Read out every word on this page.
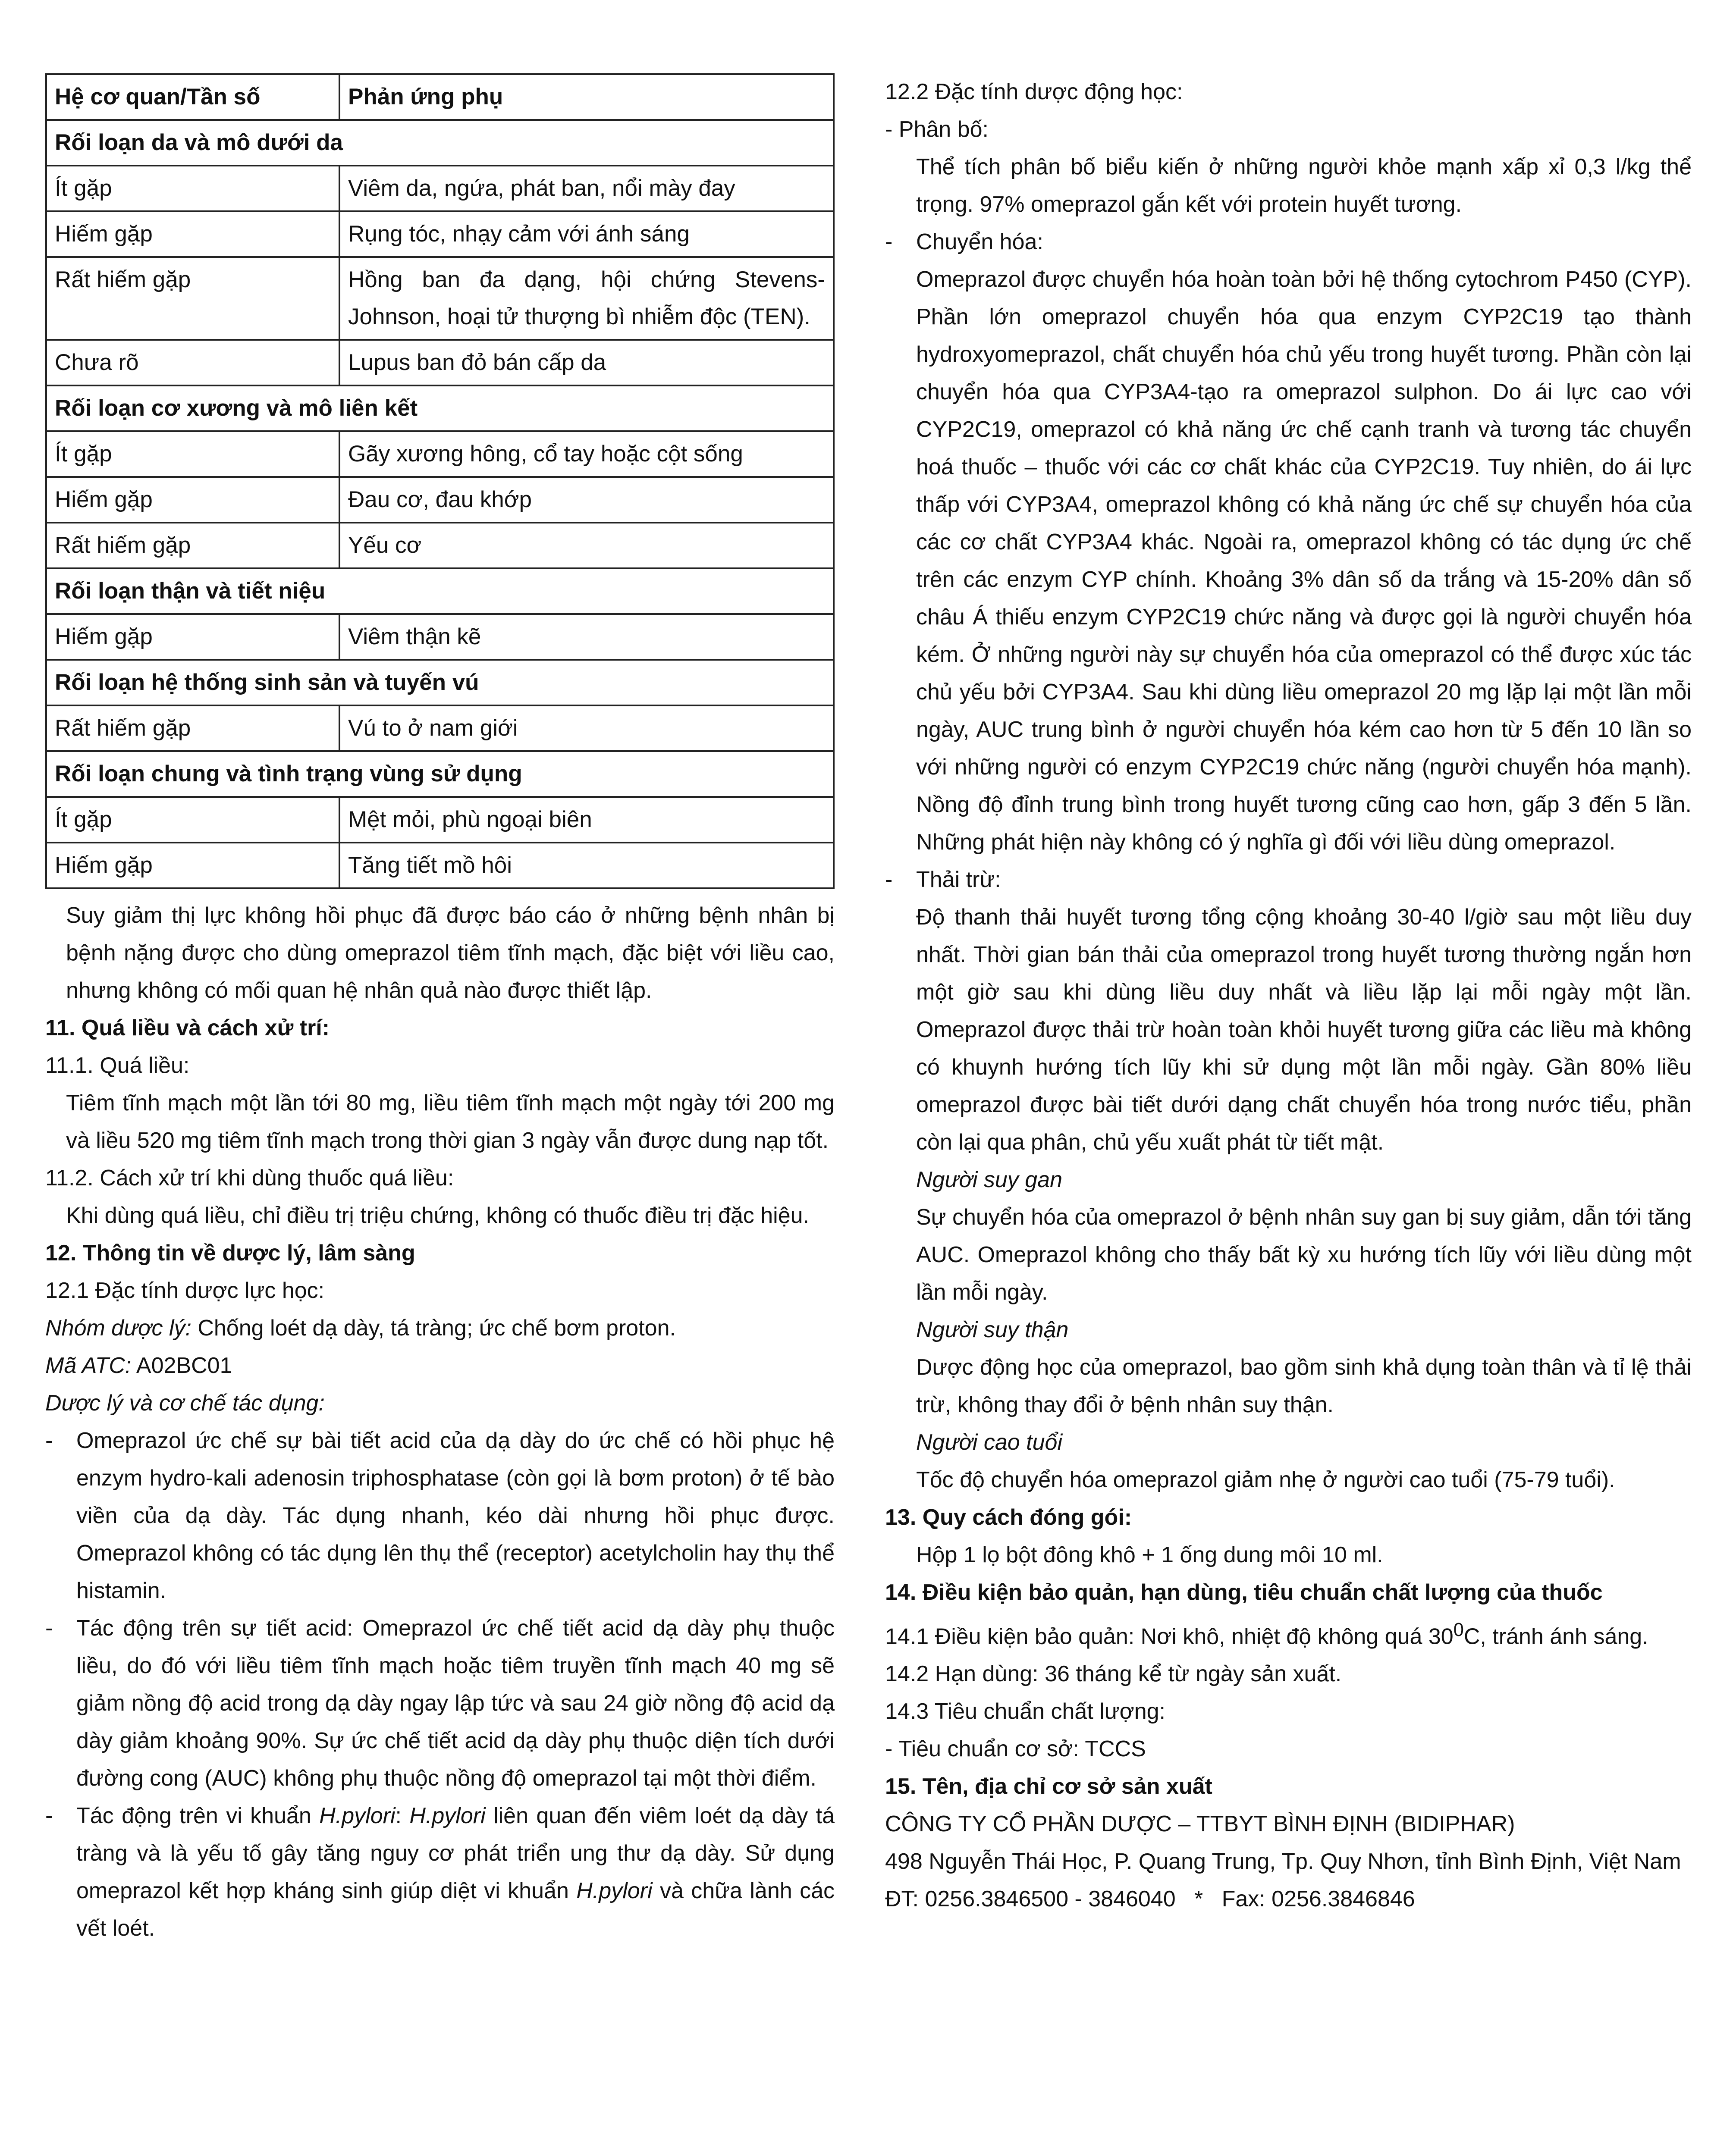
Hệ cơ quan/Tần số	Phản ứng phụ
Rối loạn da và mô dưới da	
Ít gặp	Viêm da, ngứa, phát ban, nổi mày đay
Hiếm gặp	Rụng tóc, nhạy cảm với ánh sáng
Rất hiếm gặp	Hồng ban đa dạng, hội chứng Stevens-Johnson, hoại tử thượng bì nhiễm độc (TEN).
Chưa rõ	Lupus ban đỏ bán cấp da
Rối loạn cơ xương và mô liên kết	
Ít gặp	Gãy xương hông, cổ tay hoặc cột sống
Hiếm gặp	Đau cơ, đau khớp
Rất hiếm gặp	Yếu cơ
Rối loạn thận và tiết niệu	
Hiếm gặp	Viêm thận kẽ
Rối loạn hệ thống sinh sản và tuyến vú	
Rất hiếm gặp	Vú to ở nam giới
Rối loạn chung và tình trạng vùng sử dụng	
Ít gặp	Mệt mỏi, phù ngoại biên
Hiếm gặp	Tăng tiết mồ hôi

Suy giảm thị lực không hồi phục đã được báo cáo ở những bệnh nhân bị bệnh nặng được cho dùng omeprazol tiêm tĩnh mạch, đặc biệt với liều cao, nhưng không có mối quan hệ nhân quả nào được thiết lập.

11. Quá liều và cách xử trí:

11.1. Quá liều:

Tiêm tĩnh mạch một lần tới 80 mg, liều tiêm tĩnh mạch một ngày tới 200 mg và liều 520 mg tiêm tĩnh mạch trong thời gian 3 ngày vẫn được dung nạp tốt.

11.2. Cách xử trí khi dùng thuốc quá liều:

Khi dùng quá liều, chỉ điều trị triệu chứng, không có thuốc điều trị đặc hiệu.

12. Thông tin về dược lý, lâm sàng

12.1 Đặc tính dược lực học:

Nhóm dược lý: Chống loét dạ dày, tá tràng; ức chế bơm proton.

Mã ATC: A02BC01

Dược lý và cơ chế tác dụng:

- Omeprazol ức chế sự bài tiết acid của dạ dày do ức chế có hồi phục hệ enzym hydro-kali adenosin triphosphatase (còn gọi là bơm proton) ở tế bào viền của dạ dày. Tác dụng nhanh, kéo dài nhưng hồi phục được. Omeprazol không có tác dụng lên thụ thể (receptor) acetylcholin hay thụ thể histamin.

- Tác động trên sự tiết acid: Omeprazol ức chế tiết acid dạ dày phụ thuộc liều, do đó với liều tiêm tĩnh mạch hoặc tiêm truyền tĩnh mạch 40 mg sẽ giảm nồng độ acid trong dạ dày ngay lập tức và sau 24 giờ nồng độ acid dạ dày giảm khoảng 90%. Sự ức chế tiết acid dạ dày phụ thuộc diện tích dưới đường cong (AUC) không phụ thuộc nồng độ omeprazol tại một thời điểm.

- Tác động trên vi khuẩn H.pylori: H.pylori liên quan đến viêm loét dạ dày tá tràng và là yếu tố gây tăng nguy cơ phát triển ung thư dạ dày. Sử dụng omeprazol kết hợp kháng sinh giúp diệt vi khuẩn H.pylori và chữa lành các vết loét.

12.2 Đặc tính dược động học:

- Phân bố:

Thể tích phân bố biểu kiến ở những người khỏe mạnh xấp xỉ 0,3 l/kg thể trọng. 97% omeprazol gắn kết với protein huyết tương.

- Chuyển hóa:

Omeprazol được chuyển hóa hoàn toàn bởi hệ thống cytochrom P450 (CYP). Phần lớn omeprazol chuyển hóa qua enzym CYP2C19 tạo thành hydroxyomeprazol, chất chuyển hóa chủ yếu trong huyết tương. Phần còn lại chuyển hóa qua CYP3A4-tạo ra omeprazol sulphon. Do ái lực cao với CYP2C19, omeprazol có khả năng ức chế cạnh tranh và tương tác chuyển hoá thuốc – thuốc với các cơ chất khác của CYP2C19. Tuy nhiên, do ái lực thấp với CYP3A4, omeprazol không có khả năng ức chế sự chuyển hóa của các cơ chất CYP3A4 khác. Ngoài ra, omeprazol không có tác dụng ức chế trên các enzym CYP chính. Khoảng 3% dân số da trắng và 15-20% dân số châu Á thiếu enzym CYP2C19 chức năng và được gọi là người chuyển hóa kém. Ở những người này sự chuyển hóa của omeprazol có thể được xúc tác chủ yếu bởi CYP3A4. Sau khi dùng liều omeprazol 20 mg lặp lại một lần mỗi ngày, AUC trung bình ở người chuyển hóa kém cao hơn từ 5 đến 10 lần so với những người có enzym CYP2C19 chức năng (người chuyển hóa mạnh). Nồng độ đỉnh trung bình trong huyết tương cũng cao hơn, gấp 3 đến 5 lần. Những phát hiện này không có ý nghĩa gì đối với liều dùng omeprazol.

- Thải trừ:

Độ thanh thải huyết tương tổng cộng khoảng 30-40 l/giờ sau một liều duy nhất. Thời gian bán thải của omeprazol trong huyết tương thường ngắn hơn một giờ sau khi dùng liều duy nhất và liều lặp lại mỗi ngày một lần. Omeprazol được thải trừ hoàn toàn khỏi huyết tương giữa các liều mà không có khuynh hướng tích lũy khi sử dụng một lần mỗi ngày. Gần 80% liều omeprazol được bài tiết dưới dạng chất chuyển hóa trong nước tiểu, phần còn lại qua phân, chủ yếu xuất phát từ tiết mật.

Người suy gan

Sự chuyển hóa của omeprazol ở bệnh nhân suy gan bị suy giảm, dẫn tới tăng AUC. Omeprazol không cho thấy bất kỳ xu hướng tích lũy với liều dùng một lần mỗi ngày.

Người suy thận

Dược động học của omeprazol, bao gồm sinh khả dụng toàn thân và tỉ lệ thải trừ, không thay đổi ở bệnh nhân suy thận.

Người cao tuổi

Tốc độ chuyển hóa omeprazol giảm nhẹ ở người cao tuổi (75-79 tuổi).

13. Quy cách đóng gói:

Hộp 1 lọ bột đông khô + 1 ống dung môi 10 ml.

14. Điều kiện bảo quản, hạn dùng, tiêu chuẩn chất lượng của thuốc

14.1 Điều kiện bảo quản: Nơi khô, nhiệt độ không quá $30^0C$, tránh ánh sáng.

14.2 Hạn dùng: 36 tháng kể từ ngày sản xuất.

14.3 Tiêu chuẩn chất lượng:

- Tiêu chuẩn cơ sở: TCCS

15. Tên, địa chỉ cơ sở sản xuất

CÔNG TY CỔ PHẦN DƯỢC – TTBYT BÌNH ĐỊNH (BIDIPHAR)

498 Nguyễn Thái Học, P. Quang Trung, Tp. Quy Nhơn, tỉnh Bình Định, Việt Nam

ĐT: 0256.3846500 - 3846040   *   Fax: 0256.3846846
